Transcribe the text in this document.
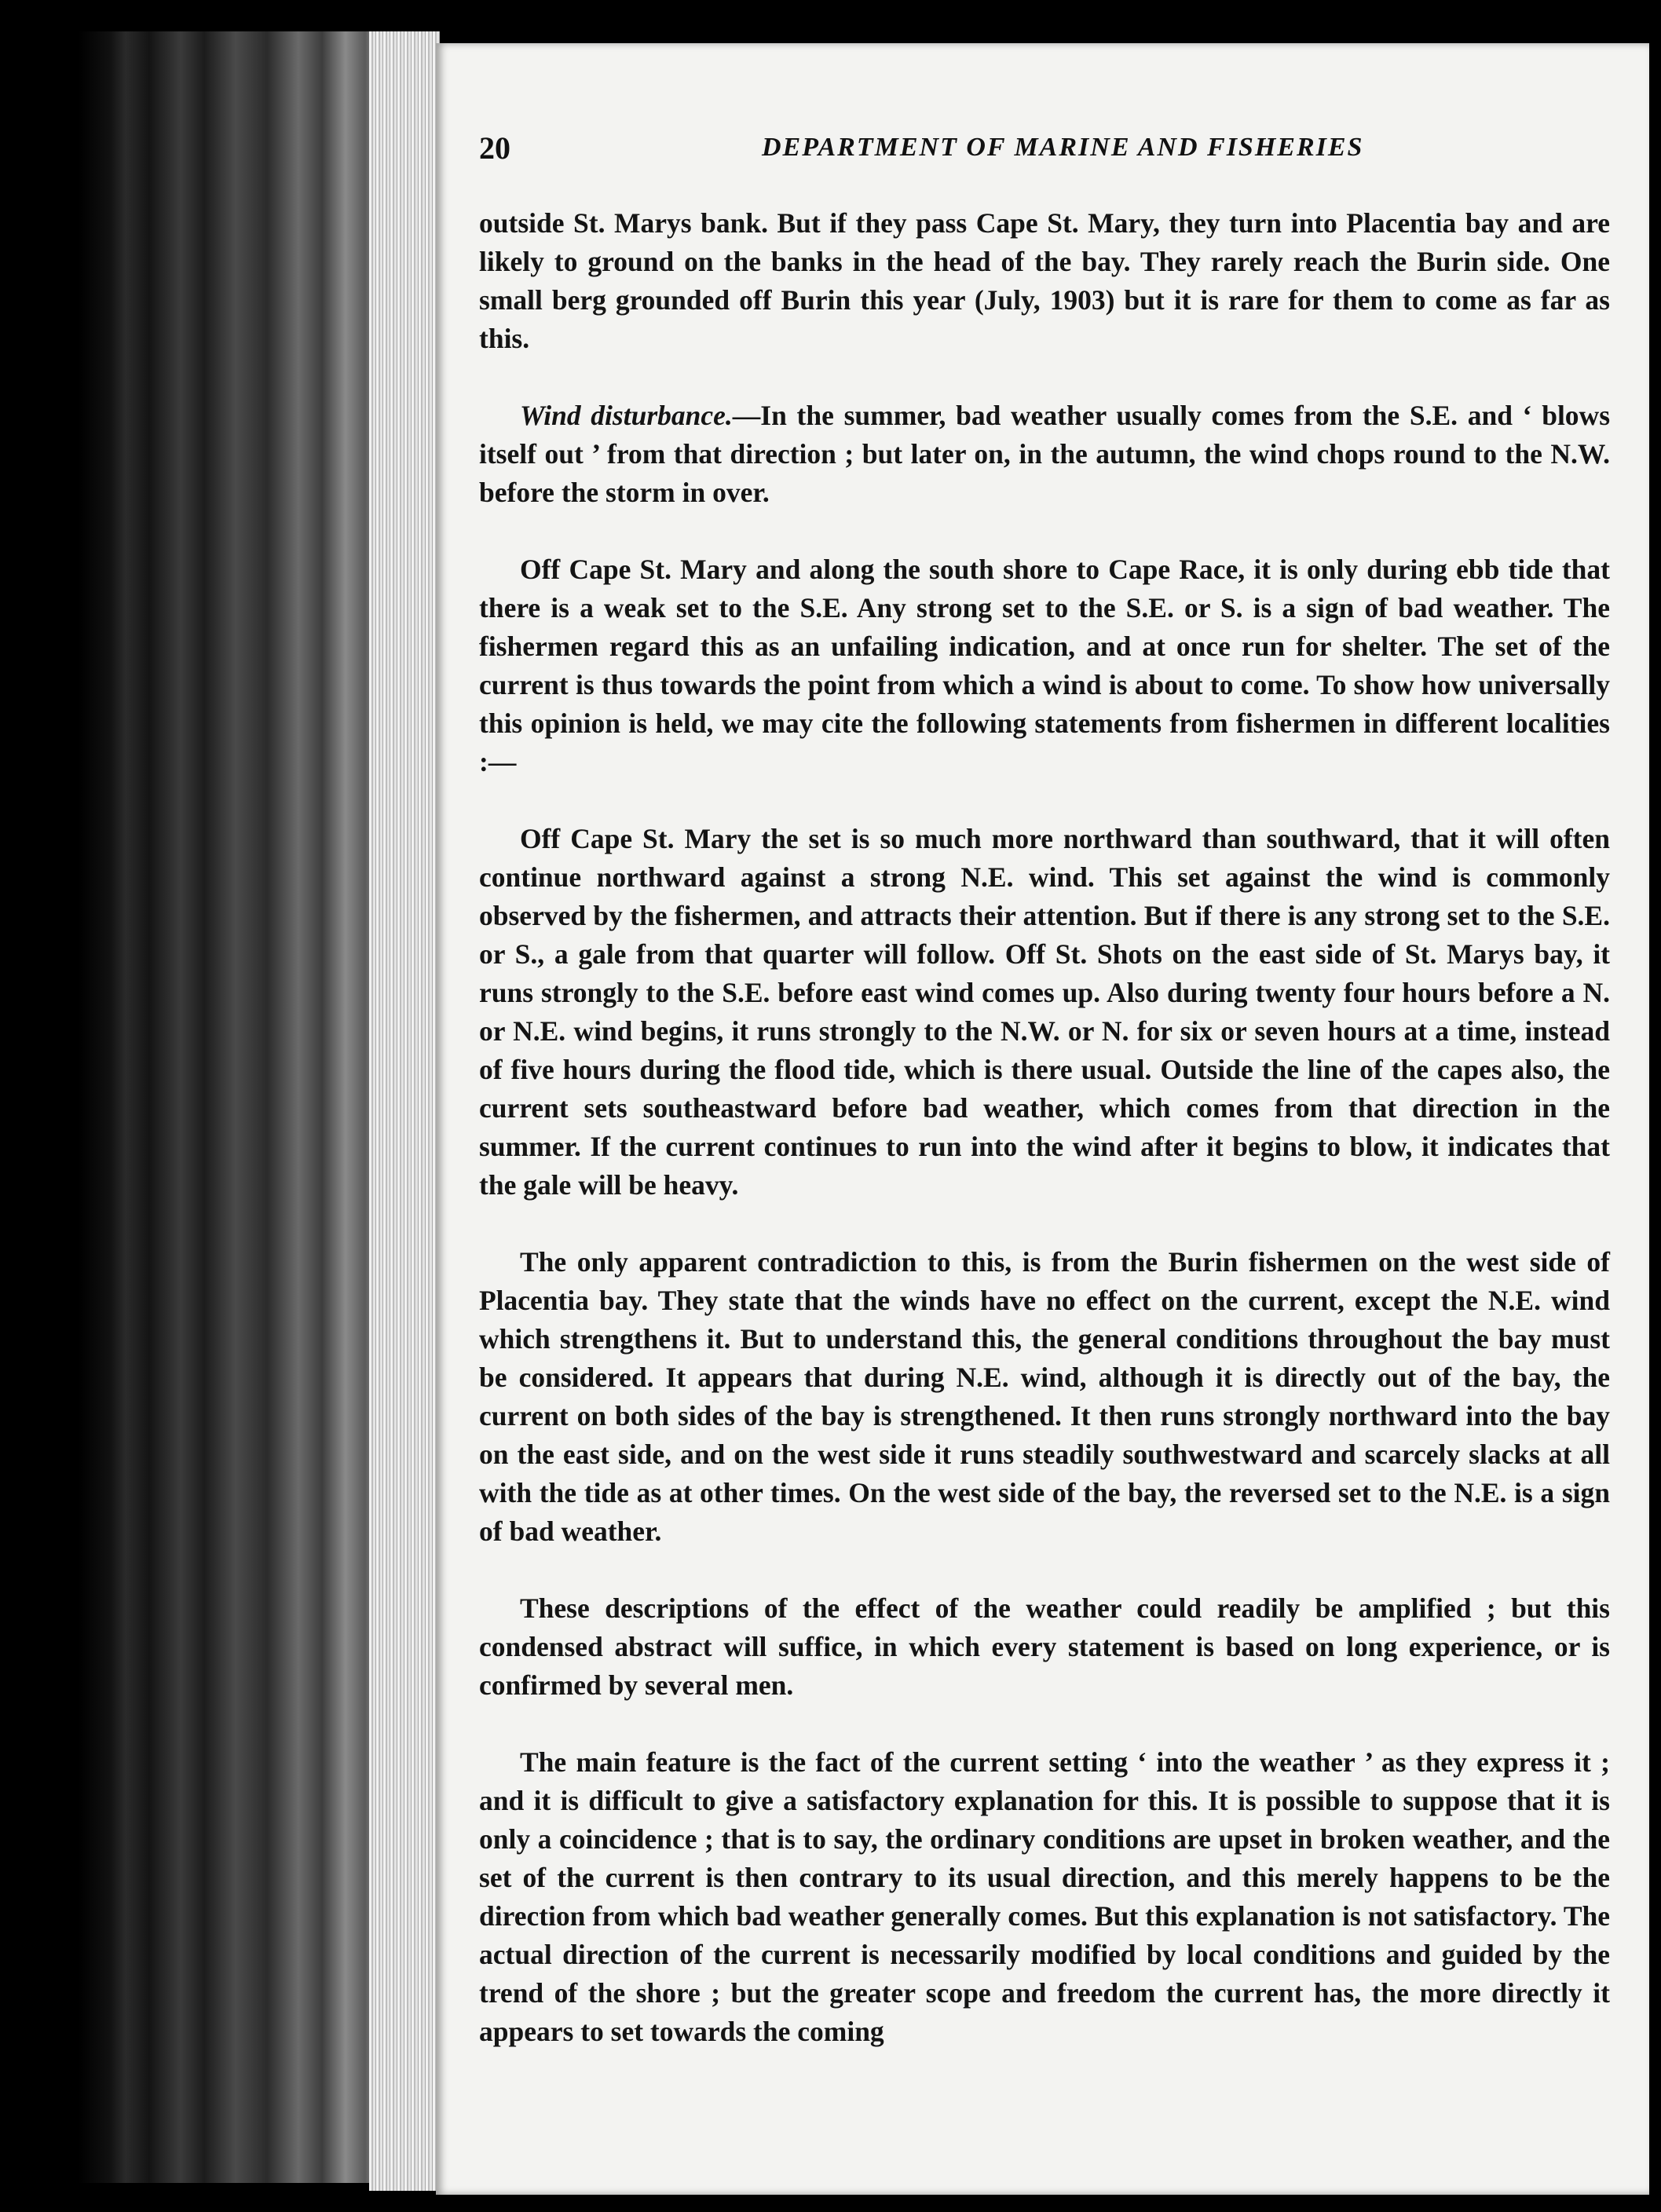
20	DEPARTMENT OF MARINE AND FISHERIES

outside St. Marys bank. But if they pass Cape St. Mary, they turn into Placentia bay and are likely to ground on the banks in the head of the bay. They rarely reach the Burin side. One small berg grounded off Burin this year (July, 1903) but it is rare for them to come as far as this.

Wind disturbance.—In the summer, bad weather usually comes from the S.E. and ‘ blows itself out ’ from that direction ; but later on, in the autumn, the wind chops round to the N.W. before the storm in over.

Off Cape St. Mary and along the south shore to Cape Race, it is only during ebb tide that there is a weak set to the S.E. Any strong set to the S.E. or S. is a sign of bad weather. The fishermen regard this as an unfailing indication, and at once run for shelter. The set of the current is thus towards the point from which a wind is about to come. To show how universally this opinion is held, we may cite the following statements from fishermen in different localities :—

Off Cape St. Mary the set is so much more northward than southward, that it will often continue northward against a strong N.E. wind. This set against the wind is commonly observed by the fishermen, and attracts their attention. But if there is any strong set to the S.E. or S., a gale from that quarter will follow. Off St. Shots on the east side of St. Marys bay, it runs strongly to the S.E. before east wind comes up. Also during twenty four hours before a N. or N.E. wind begins, it runs strongly to the N.W. or N. for six or seven hours at a time, instead of five hours during the flood tide, which is there usual. Outside the line of the capes also, the current sets southeastward before bad weather, which comes from that direction in the summer. If the current continues to run into the wind after it begins to blow, it indicates that the gale will be heavy.

The only apparent contradiction to this, is from the Burin fishermen on the west side of Placentia bay. They state that the winds have no effect on the current, except the N.E. wind which strengthens it. But to understand this, the general conditions throughout the bay must be considered. It appears that during N.E. wind, although it is directly out of the bay, the current on both sides of the bay is strengthened. It then runs strongly northward into the bay on the east side, and on the west side it runs steadily southwestward and scarcely slacks at all with the tide as at other times. On the west side of the bay, the reversed set to the N.E. is a sign of bad weather.

These descriptions of the effect of the weather could readily be amplified ; but this condensed abstract will suffice, in which every statement is based on long experience, or is confirmed by several men.

The main feature is the fact of the current setting ‘ into the weather ’ as they express it ; and it is difficult to give a satisfactory explanation for this. It is possible to suppose that it is only a coincidence ; that is to say, the ordinary conditions are upset in broken weather, and the set of the current is then contrary to its usual direction, and this merely happens to be the direction from which bad weather generally comes. But this explanation is not satisfactory. The actual direction of the current is necessarily modified by local conditions and guided by the trend of the shore ; but the greater scope and freedom the current has, the more directly it appears to set towards the coming
